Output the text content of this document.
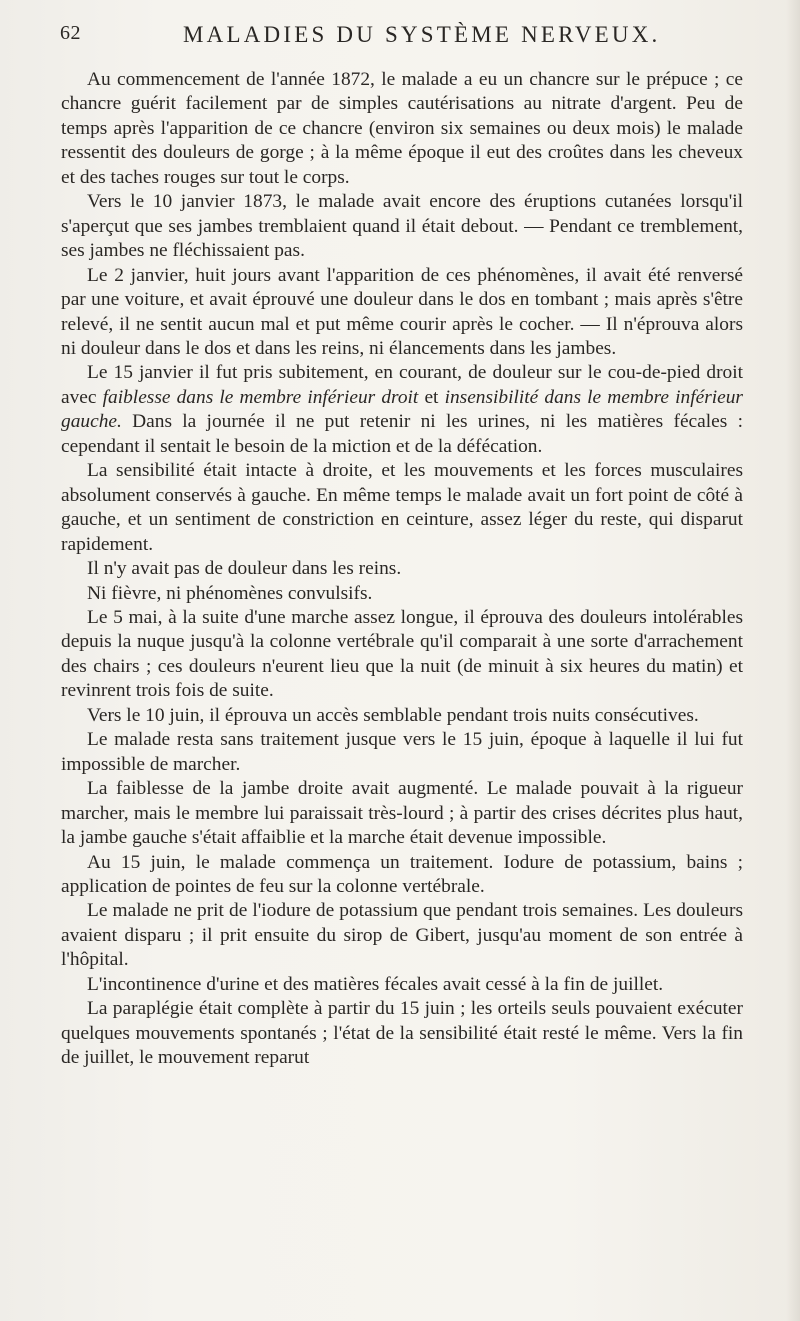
62	MALADIES DU SYSTÈME NERVEUX.

Au commencement de l'année 1872, le malade a eu un chancre sur le prépuce ; ce chancre guérit facilement par de simples cautérisations au nitrate d'argent. Peu de temps après l'apparition de ce chancre (environ six semaines ou deux mois) le malade ressentit des douleurs de gorge ; à la même époque il eut des croûtes dans les cheveux et des taches rouges sur tout le corps.

Vers le 10 janvier 1873, le malade avait encore des éruptions cutanées lorsqu'il s'aperçut que ses jambes tremblaient quand il était debout. — Pendant ce tremblement, ses jambes ne fléchissaient pas.

Le 2 janvier, huit jours avant l'apparition de ces phénomènes, il avait été renversé par une voiture, et avait éprouvé une douleur dans le dos en tombant ; mais après s'être relevé, il ne sentit aucun mal et put même courir après le cocher. — Il n'éprouva alors ni douleur dans le dos et dans les reins, ni élancements dans les jambes.

Le 15 janvier il fut pris subitement, en courant, de douleur sur le cou-de-pied droit avec faiblesse dans le membre inférieur droit et insensibilité dans le membre inférieur gauche. Dans la journée il ne put retenir ni les urines, ni les matières fécales : cependant il sentait le besoin de la miction et de la défécation.

La sensibilité était intacte à droite, et les mouvements et les forces musculaires absolument conservés à gauche. En même temps le malade avait un fort point de côté à gauche, et un sentiment de constriction en ceinture, assez léger du reste, qui disparut rapidement.

Il n'y avait pas de douleur dans les reins.

Ni fièvre, ni phénomènes convulsifs.

Le 5 mai, à la suite d'une marche assez longue, il éprouva des douleurs intolérables depuis la nuque jusqu'à la colonne vertébrale qu'il comparait à une sorte d'arrachement des chairs ; ces douleurs n'eurent lieu que la nuit (de minuit à six heures du matin) et revinrent trois fois de suite.

Vers le 10 juin, il éprouva un accès semblable pendant trois nuits consécutives.

Le malade resta sans traitement jusque vers le 15 juin, époque à laquelle il lui fut impossible de marcher.

La faiblesse de la jambe droite avait augmenté. Le malade pouvait à la rigueur marcher, mais le membre lui paraissait très-lourd ; à partir des crises décrites plus haut, la jambe gauche s'était affaiblie et la marche était devenue impossible.

Au 15 juin, le malade commença un traitement. Iodure de potassium, bains ; application de pointes de feu sur la colonne vertébrale.

Le malade ne prit de l'iodure de potassium que pendant trois semaines. Les douleurs avaient disparu ; il prit ensuite du sirop de Gibert, jusqu'au moment de son entrée à l'hôpital.

L'incontinence d'urine et des matières fécales avait cessé à la fin de juillet.

La paraplégie était complète à partir du 15 juin ; les orteils seuls pouvaient exécuter quelques mouvements spontanés ; l'état de la sensibilité était resté le même. Vers la fin de juillet, le mouvement reparut
